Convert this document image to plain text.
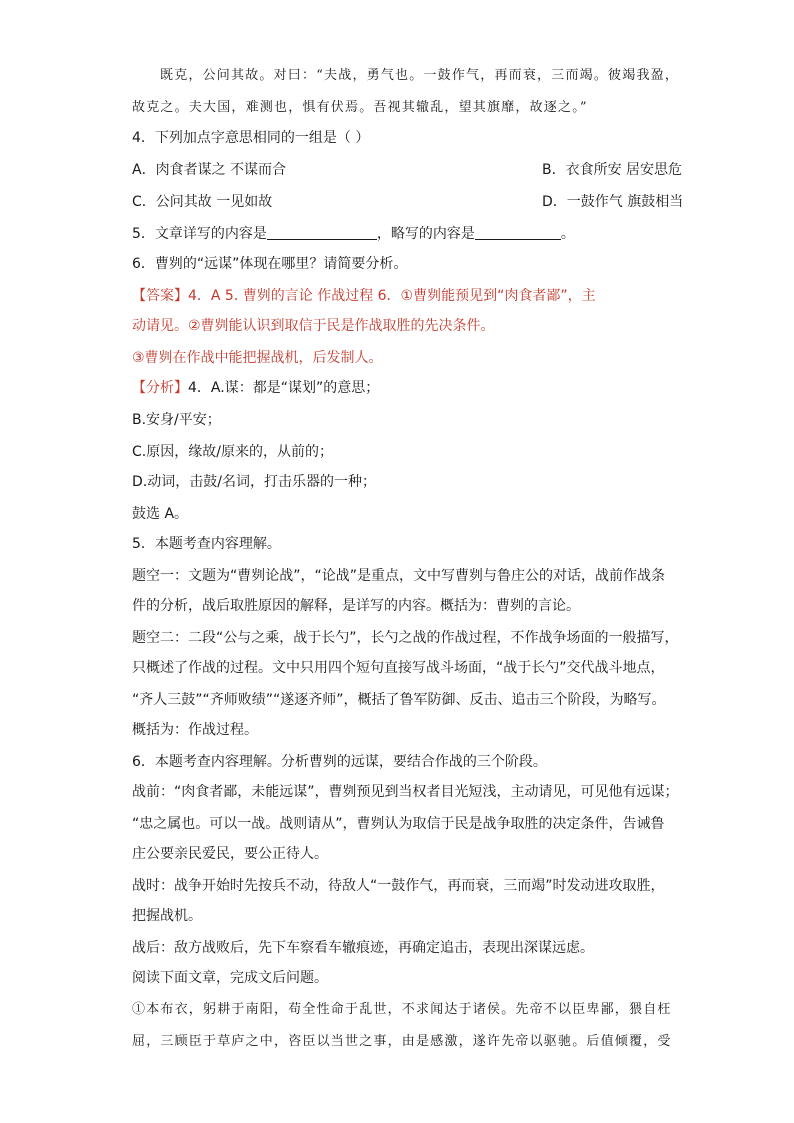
既克，公问其故。对曰：“夫战，勇气也。一鼓作气，再而衰，三而竭。彼竭我盈，
故克之。夫大国，难测也，惧有伏焉。吾视其辙乱，望其旗靡，故逐之。”
4．下列加点字意思相同的一组是（ ）
A．肉食者谋之 不谋而合	B．衣食所安 居安思危
C．公问其故 一见如故	D．一鼓作气 旗鼓相当
5．文章详写的内容是	，略写的内容是	。
6．曹刿的“远谋”体现在哪里？请简要分析。
【答案】4．A 5. 曹刿的言论 作战过程 6．①曹刿能预见到“肉食者鄙”，主
动请见。②曹刿能认识到取信于民是作战取胜的先决条件。
③曹刿在作战中能把握战机，后发制人。
【分析】4．A.谋：都是“谋划”的意思；
B.安身/平安；
C.原因，缘故/原来的，从前的；
D.动词，击鼓/名词，打击乐器的一种；
鼓选 A。
5．本题考查内容理解。
题空一：文题为“曹刿论战”，“论战”是重点，文中写曹刿与鲁庄公的对话，战前作战条
件的分析，战后取胜原因的解释，是详写的内容。概括为：曹刿的言论。
题空二：二段“公与之乘，战于长勺”，长勺之战的作战过程，不作战争场面的一般描写，
只概述了作战的过程。文中只用四个短句直接写战斗场面，“战于长勺”交代战斗地点，
“齐人三鼓”“齐师败绩”“遂逐齐师”，概括了鲁军防御、反击、追击三个阶段，为略写。
概括为：作战过程。
6．本题考查内容理解。分析曹刿的远谋，要结合作战的三个阶段。
战前：“肉食者鄙，未能远谋”，曹刿预见到当权者目光短浅，主动请见，可见他有远谋；
“忠之属也。可以一战。战则请从”，曹刿认为取信于民是战争取胜的决定条件，告诫鲁
庄公要亲民爱民，要公正待人。
战时：战争开始时先按兵不动，待敌人“一鼓作气，再而衰，三而竭”时发动进攻取胜，
把握战机。
战后：敌方战败后，先下车察看车辙痕迹，再确定追击，表现出深谋远虑。
阅读下面文章，完成文后问题。
①本布衣，躬耕于南阳，苟全性命于乱世，不求闻达于诸侯。先帝不以臣卑鄙，猥自枉
屈，三顾臣于草庐之中，咨臣以当世之事，由是感激，遂许先帝以驱驰。后值倾覆，受
